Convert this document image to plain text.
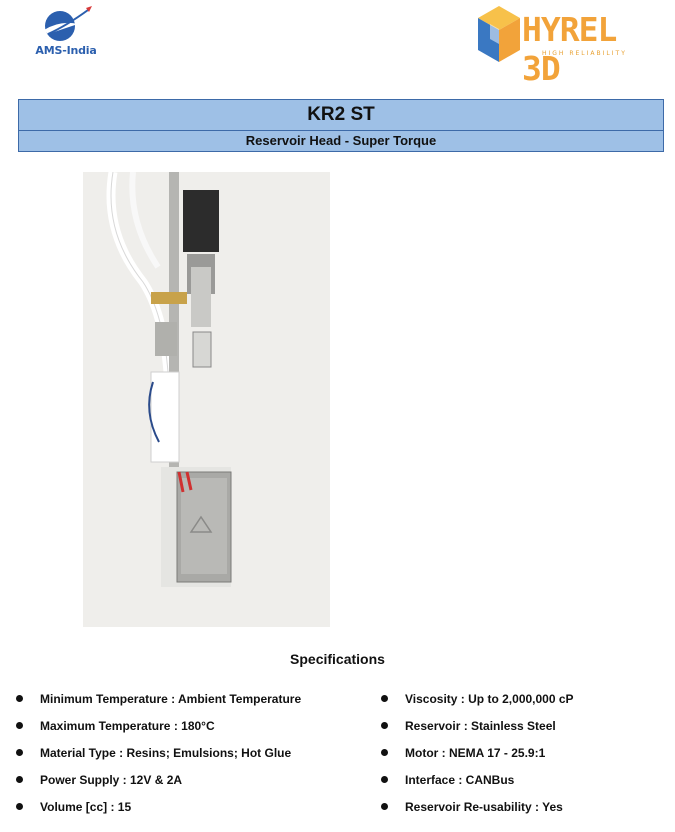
AMS-India
HYREL 3D
HIGH RELIABILITY
KR2 ST
Reservoir Head - Super Torque
Specifications
Minimum Temperature : Ambient Temperature
Maximum Temperature : 180°C
Material Type : Resins; Emulsions; Hot Glue
Power Supply : 12V & 2A
Volume [cc] : 15
Viscosity : Up to 2,000,000 cP
Reservoir : Stainless Steel
Motor : NEMA 17 - 25.9:1
Interface : CANBus
Reservoir Re-usability : Yes
